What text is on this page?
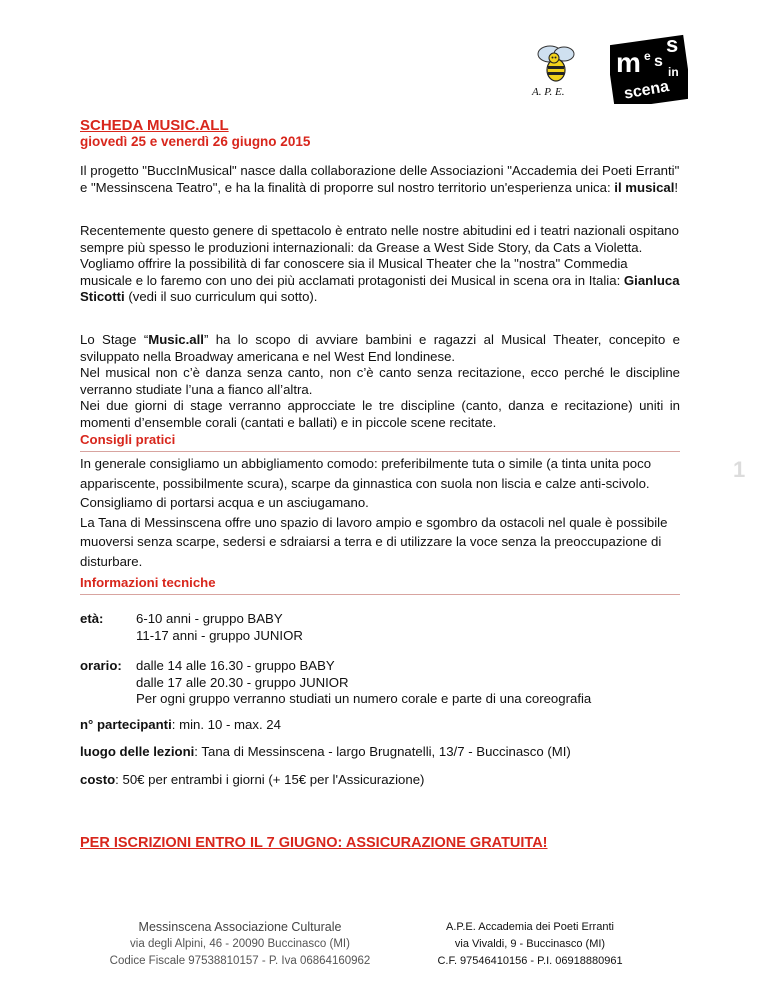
A. P. E.
m e s
s
in
scena
SCHEDA MUSIC.ALL
giovedì 25 e venerdì 26 giugno 2015

Il progetto "BuccInMusical" nasce dalla collaborazione delle Associazioni "Accademia dei Poeti Erranti" e "Messinscena Teatro", e ha la finalità di proporre sul nostro territorio un'esperienza unica: il musical!

Recentemente questo genere di spettacolo è entrato nelle nostre abitudini ed i teatri nazionali ospitano sempre più spesso le produzioni internazionali: da Grease a West Side Story, da Cats a Violetta.

Vogliamo offrire la possibilità di far conoscere sia il Musical Theater che la "nostra" Commedia musicale e lo faremo con uno dei più acclamati protagonisti dei Musical in scena ora in Italia: Gianluca Sticotti (vedi il suo curriculum qui sotto).

Lo Stage “Music.all” ha lo scopo di avviare bambini e ragazzi al Musical Theater, concepito e sviluppato nella Broadway americana e nel West End londinese.

Nel musical non c’è danza senza canto, non c’è canto senza recitazione, ecco perché le discipline verranno studiate l’una a fianco all’altra.

Nei due giorni di stage verranno approcciate le tre discipline (canto, danza e recitazione) uniti in momenti d’ensemble corali (cantati e ballati) e in piccole scene recitate.

Consigli pratici

In generale consigliamo un abbigliamento comodo: preferibilmente tuta o simile (a tinta unita poco appariscente, possibilmente scura), scarpe da ginnastica con suola non liscia e calze anti-scivolo. Consigliamo di portarsi acqua e un asciugamano.

La Tana di Messinscena offre uno spazio di lavoro ampio e sgombro da ostacoli nel quale è possibile muoversi senza scarpe, sedersi e sdraiarsi a terra e di utilizzare la voce senza la preoccupazione di disturbare.

1
Informazioni tecniche
età: 6-10 anni - gruppo BABY
11-17 anni - gruppo JUNIOR
orario: dalle 14 alle 16.30 - gruppo BABY
dalle 17 alle 20.30 - gruppo JUNIOR
Per ogni gruppo verranno studiati un numero corale e parte di una coreografia
n° partecipanti: min. 10 - max. 24
luogo delle lezioni: Tana di Messinscena - largo Brugnatelli, 13/7 - Buccinasco (MI)
costo: 50€ per entrambi i giorni (+ 15€ per l'Assicurazione)
PER ISCRIZIONI ENTRO IL 7 GIUGNO: ASSICURAZIONE GRATUITA!
Messinscena Associazione Culturale
via degli Alpini, 46 - 20090 Buccinasco (MI)
Codice Fiscale 97538810157 - P. Iva 06864160962
A.P.E. Accademia dei Poeti Erranti
via Vivaldi, 9 - Buccinasco (MI)
C.F. 97546410156 - P.I. 06918880961
